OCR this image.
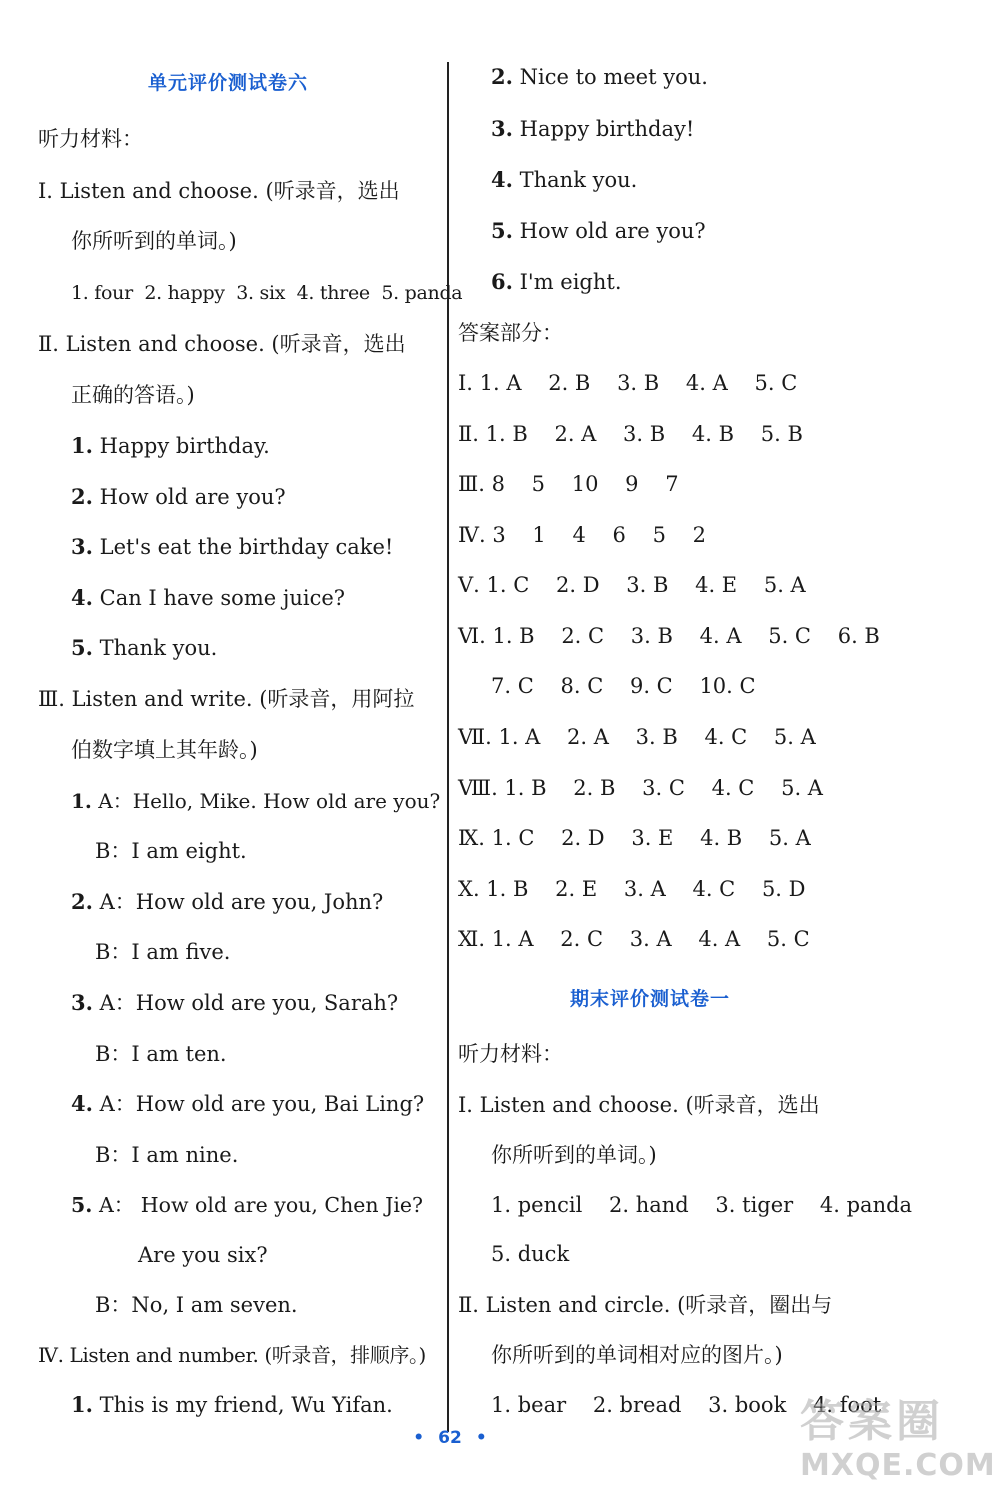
单元评价测试卷六
听力材料：
Ⅰ. Listen and choose. (听录音，选出
你所听到的单词。)
1. four 2. happy 3. six 4. three 5. panda
Ⅱ. Listen and choose. (听录音，选出
正确的答语。)
1. Happy birthday.
2. How old are you?
3. Let's eat the birthday cake!
4. Can I have some juice?
5. Thank you.
Ⅲ. Listen and write. (听录音，用阿拉
伯数字填上其年龄。)
1. A：Hello, Mike. How old are you?
B：I am eight.
2. A：How old are you, John?
B：I am five.
3. A：How old are you, Sarah?
B：I am ten.
4. A：How old are you, Bai Ling?
B：I am nine.
5. A： How old are you, Chen Jie?
Are you six?
B：No, I am seven.
Ⅳ. Listen and number. (听录音，排顺序。)
1. This is my friend, Wu Yifan.
2. Nice to meet you.
3. Happy birthday!
4. Thank you.
5. How old are you?
6. I'm eight.
答案部分：
Ⅰ. 1. A    2. B    3. B    4. A    5. C
Ⅱ. 1. B    2. A    3. B    4. B    5. B
Ⅲ. 8    5    10    9    7
Ⅳ. 3    1    4    6    5    2
Ⅴ. 1. C    2. D    3. B    4. E    5. A
Ⅵ. 1. B    2. C    3. B    4. A    5. C    6. B
7. C    8. C    9. C    10. C
Ⅶ. 1. A    2. A    3. B    4. C    5. A
Ⅷ. 1. B    2. B    3. C    4. C    5. A
Ⅸ. 1. C    2. D    3. E    4. B    5. A
Ⅹ. 1. B    2. E    3. A    4. C    5. D
Ⅺ. 1. A    2. C    3. A    4. A    5. C
期末评价测试卷一
听力材料：
Ⅰ. Listen and choose. (听录音，选出
你所听到的单词。)
1. pencil    2. hand    3. tiger    4. panda
5. duck
Ⅱ. Listen and circle. (听录音，圈出与
你所听到的单词相对应的图片。)
1. bear    2. bread    3. book    4. foot
• 62 •	答案圈
MXQE.COM
